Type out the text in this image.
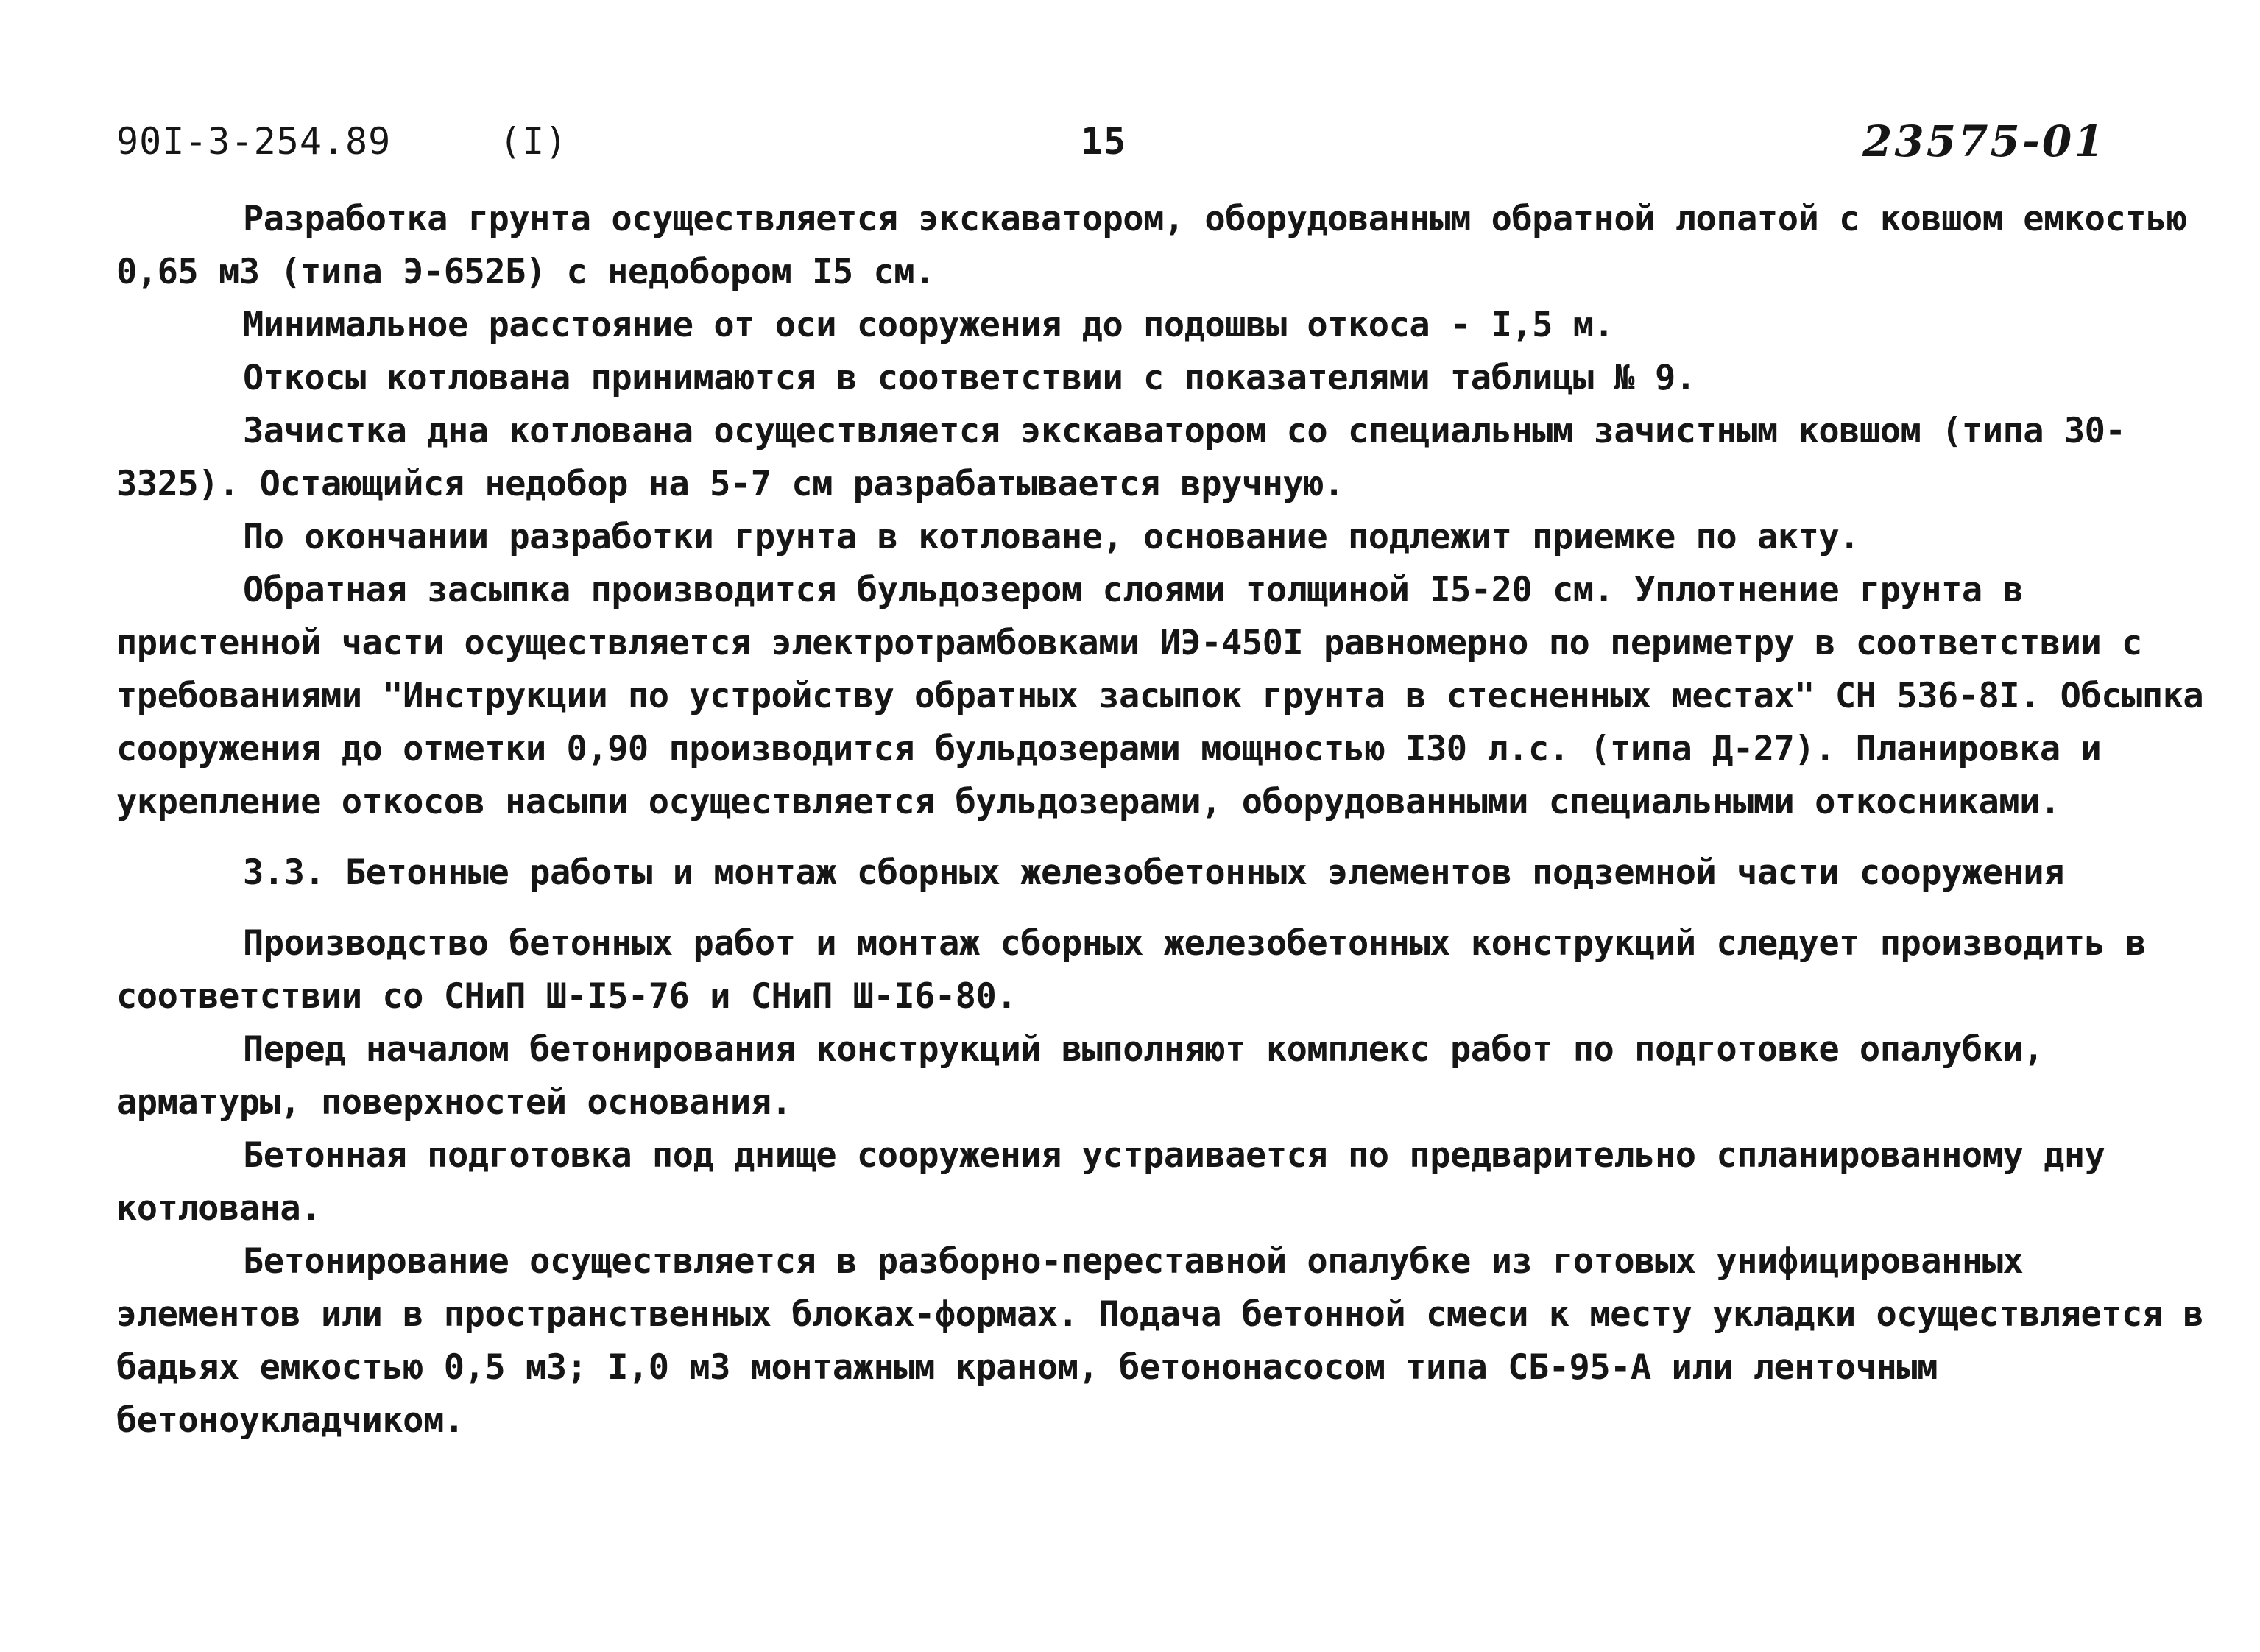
90I-3-254.89	(I)	15	23575-01

Разработка грунта осуществляется экскаватором, оборудованным обратной лопатой с ковшом емкостью 0,65 м3 (типа Э-652Б) с недобором I5 см.

Минимальное расстояние от оси сооружения до подошвы откоса - I,5 м.

Откосы котлована принимаются в соответствии с показателями таблицы № 9.

Зачистка дна котлована осуществляется экскаватором со специальным зачистным ковшом (типа 30-3325). Остающийся недобор на 5-7 см разрабатывается вручную.

По окончании разработки грунта в котловане, основание подлежит приемке по акту.

Обратная засыпка производится бульдозером слоями толщиной I5-20 см. Уплотнение грунта в пристенной части осуществляется электротрамбовками ИЭ-450I равномерно по периметру в соответствии с требованиями "Инструкции по устройству обратных засыпок грунта в стесненных местах" СН 536-8I. Обсыпка сооружения до отметки 0,90 производится бульдозерами мощностью I30 л.с. (типа Д-27). Планировка и укрепление откосов насыпи осуществляется бульдозерами, оборудованными специальными откосниками.

3.3. Бетонные работы и монтаж сборных железобетонных элементов подземной части сооружения

Производство бетонных работ и монтаж сборных железобетонных конструкций следует производить в соответствии со СНиП Ш-I5-76 и СНиП Ш-I6-80.

Перед началом бетонирования конструкций выполняют комплекс работ по подготовке опалубки, арматуры, поверхностей основания.

Бетонная подготовка под днище сооружения устраивается по предварительно спланированному дну котлована.

Бетонирование осуществляется в разборно-переставной опалубке из готовых унифицированных элементов или в пространственных блоках-формах. Подача бетонной смеси к месту укладки осуществляется в бадьях емкостью 0,5 м3; I,0 м3 монтажным краном, бетононасосом типа СБ-95-А или ленточным бетоноукладчиком.
